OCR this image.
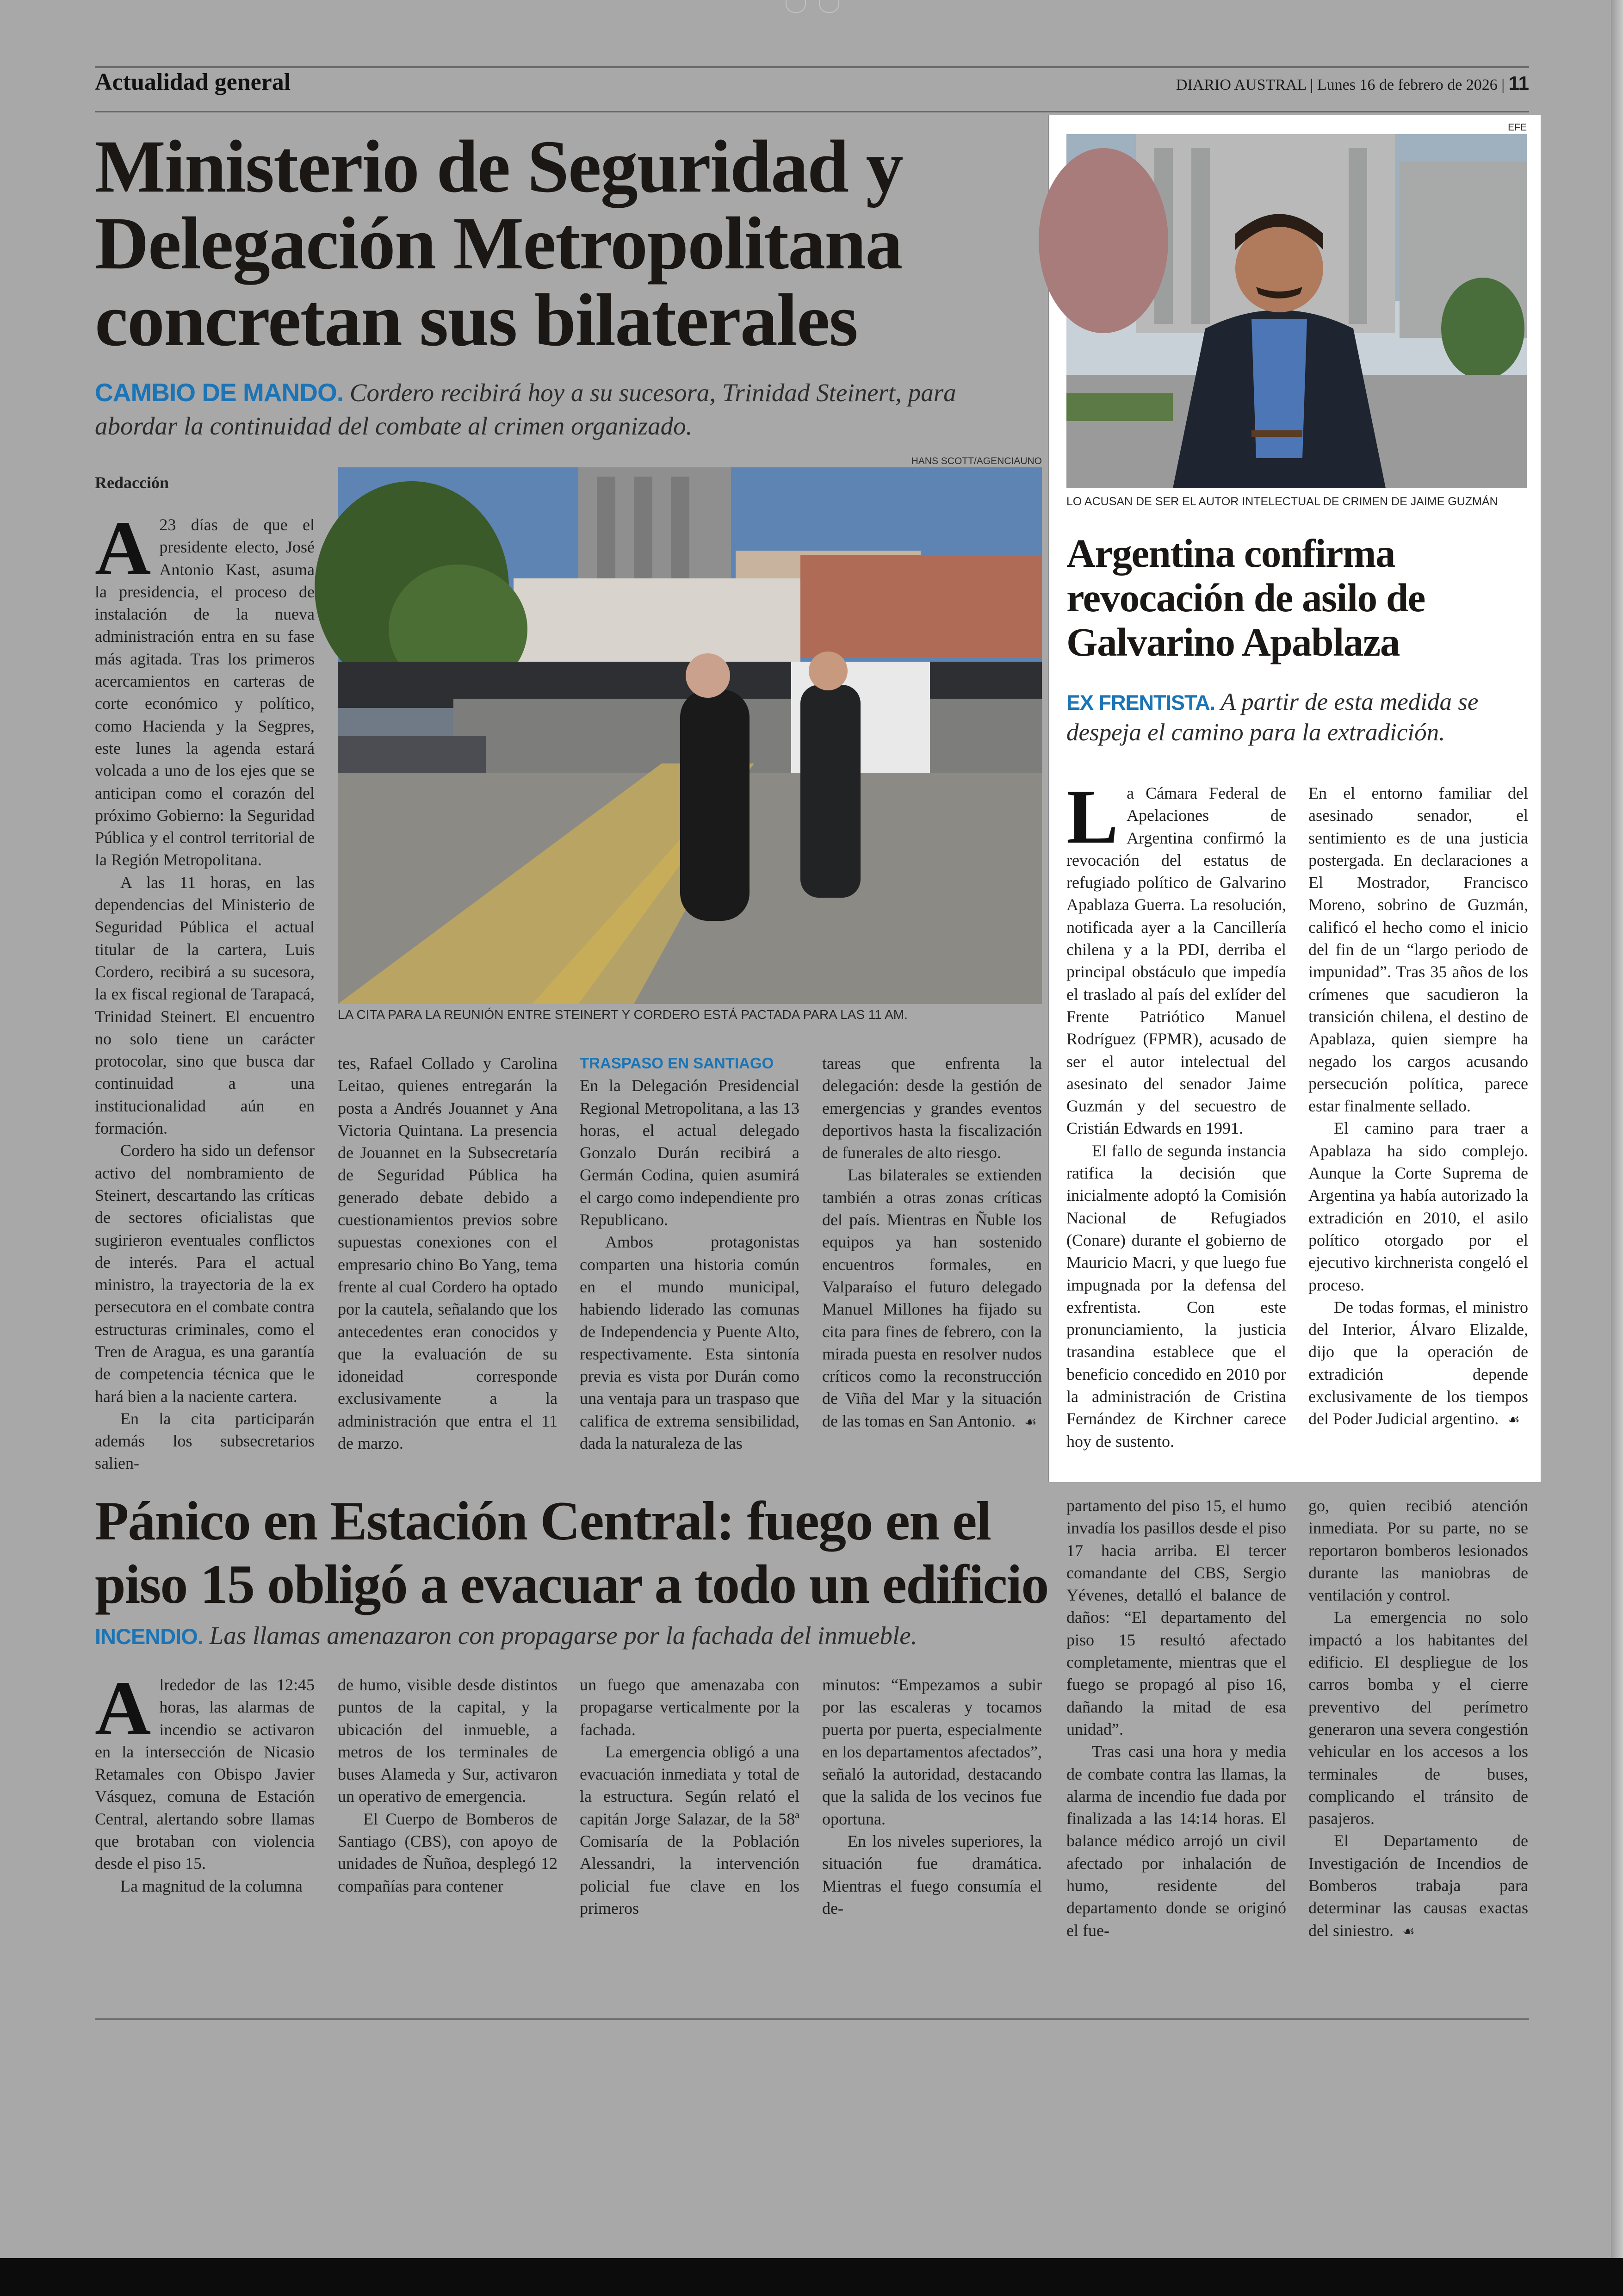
Actualidad general	DIARIO AUSTRAL | Lunes 16 de febrero de 2026 | 11
Ministerio de Seguridad y
Delegación Metropolitana
concretan sus bilaterales
CAMBIO DE MANDO. Cordero recibirá hoy a su sucesora, Trinidad Steinert, para abordar la continuidad del combate al crimen organizado.
Redacción
A 23 días de que el presidente electo, José Antonio Kast, asuma la presidencia, el proceso de instalación de la nueva administración entra en su fase más agitada. Tras los primeros acercamientos en carteras de corte económico y político, como Hacienda y la Segpres, este lunes la agenda estará volcada a uno de los ejes que se anticipan como el corazón del próximo Gobierno: la Seguridad Pública y el control territorial de la Región Metropolitana.

A las 11 horas, en las dependencias del Ministerio de Seguridad Pública el actual titular de la cartera, Luis Cordero, recibirá a su sucesora, la ex fiscal regional de Tarapacá, Trinidad Steinert. El encuentro no solo tiene un carácter protocolar, sino que busca dar continuidad a una institucionalidad aún en formación.

Cordero ha sido un defensor activo del nombramiento de Steinert, descartando las críticas de sectores oficialistas que sugirieron eventuales conflictos de interés. Para el actual ministro, la trayectoria de la ex persecutora en el combate contra estructuras criminales, como el Tren de Aragua, es una garantía de competencia técnica que le hará bien a la naciente cartera.

En la cita participarán además los subsecretarios salien-

HANS SCOTT/AGENCIAUNO
LA CITA PARA LA REUNIÓN ENTRE STEINERT Y CORDERO ESTÁ PACTADA PARA LAS 11 AM.

tes, Rafael Collado y Carolina Leitao, quienes entregarán la posta a Andrés Jouannet y Ana Victoria Quintana. La presencia de Jouannet en la Subsecretaría de Seguridad Pública ha generado debate debido a cuestionamientos previos sobre supuestas conexiones con el empresario chino Bo Yang, tema frente al cual Cordero ha optado por la cautela, señalando que los antecedentes eran conocidos y que la evaluación de su idoneidad corresponde exclusivamente a la administración que entra el 11 de marzo.

TRASPASO EN SANTIAGO

En la Delegación Presidencial Regional Metropolitana, a las 13 horas, el actual delegado Gonzalo Durán recibirá a Germán Codina, quien asumirá el cargo como independiente pro Republicano.

Ambos protagonistas comparten una historia común en el mundo municipal, habiendo liderado las comunas de Independencia y Puente Alto, respectivamente. Esta sintonía previa es vista por Durán como una ventaja para un traspaso que califica de extrema sensibilidad, dada la naturaleza de las

tareas que enfrenta la delegación: desde la gestión de emergencias y grandes eventos deportivos hasta la fiscalización de funerales de alto riesgo.

Las bilaterales se extienden también a otras zonas críticas del país. Mientras en Ñuble los equipos ya han sostenido encuentros formales, en Valparaíso el futuro delegado Manuel Millones ha fijado su cita para fines de febrero, con la mirada puesta en resolver nudos críticos como la reconstrucción de Viña del Mar y la situación de las tomas en San Antonio. ☙

EFE
LO ACUSAN DE SER EL AUTOR INTELECTUAL DE CRIMEN DE JAIME GUZMÁN
Argentina confirma
revocación de asilo de
Galvarino Apablaza
EX FRENTISTA. A partir de esta medida se despeja el camino para la extradición.
L a Cámara Federal de Apelaciones de Argentina confirmó la revocación del estatus de refugiado político de Galvarino Apablaza Guerra. La resolución, notificada ayer a la Cancillería chilena y a la PDI, derriba el principal obstáculo que impedía el traslado al país del exlíder del Frente Patriótico Manuel Rodríguez (FPMR), acusado de ser el autor intelectual del asesinato del senador Jaime Guzmán y del secuestro de Cristián Edwards en 1991.

El fallo de segunda instancia ratifica la decisión que inicialmente adoptó la Comisión Nacional de Refugiados (Conare) durante el gobierno de Mauricio Macri, y que luego fue impugnada por la defensa del exfrentista. Con este pronunciamiento, la justicia trasandina establece que el beneficio concedido en 2010 por la administración de Cristina Fernández de Kirchner carece hoy de sustento.

En el entorno familiar del asesinado senador, el sentimiento es de una justicia postergada. En declaraciones a El Mostrador, Francisco Moreno, sobrino de Guzmán, calificó el hecho como el inicio del fin de un “largo periodo de impunidad”. Tras 35 años de los crímenes que sacudieron la transición chilena, el destino de Apablaza, quien siempre ha negado los cargos acusando persecución política, parece estar finalmente sellado.

El camino para traer a Apablaza ha sido complejo. Aunque la Corte Suprema de Argentina ya había autorizado la extradición en 2010, el asilo político otorgado por el ejecutivo kirchnerista congeló el proceso.

De todas formas, el ministro del Interior, Álvaro Elizalde, dijo que la operación de extradición depende exclusivamente de los tiempos del Poder Judicial argentino. ☙

Pánico en Estación Central: fuego en el
piso 15 obligó a evacuar a todo un edificio
INCENDIO. Las llamas amenazaron con propagarse por la fachada del inmueble.
A lrededor de las 12:45 horas, las alarmas de incendio se activaron en la intersección de Nicasio Retamales con Obispo Javier Vásquez, comuna de Estación Central, alertando sobre llamas que brotaban con violencia desde el piso 15.

La magnitud de la columna

de humo, visible desde distintos puntos de la capital, y la ubicación del inmueble, a metros de los terminales de buses Alameda y Sur, activaron un operativo de emergencia.

El Cuerpo de Bomberos de Santiago (CBS), con apoyo de unidades de Ñuñoa, desplegó 12 compañías para contener

un fuego que amenazaba con propagarse verticalmente por la fachada.

La emergencia obligó a una evacuación inmediata y total de la estructura. Según relató el capitán Jorge Salazar, de la 58ª Comisaría de la Población Alessandri, la intervención policial fue clave en los primeros

minutos: “Empezamos a subir por las escaleras y tocamos puerta por puerta, especialmente en los departamentos afectados”, señaló la autoridad, destacando que la salida de los vecinos fue oportuna.

En los niveles superiores, la situación fue dramática. Mientras el fuego consumía el de-

partamento del piso 15, el humo invadía los pasillos desde el piso 17 hacia arriba. El tercer comandante del CBS, Sergio Yévenes, detalló el balance de daños: “El departamento del piso 15 resultó afectado completamente, mientras que el fuego se propagó al piso 16, dañando la mitad de esa unidad”.

Tras casi una hora y media de combate contra las llamas, la alarma de incendio fue dada por finalizada a las 14:14 horas. El balance médico arrojó un civil afectado por inhalación de humo, residente del departamento donde se originó el fue-

go, quien recibió atención inmediata. Por su parte, no se reportaron bomberos lesionados durante las maniobras de ventilación y control.

La emergencia no solo impactó a los habitantes del edificio. El despliegue de los carros bomba y el cierre preventivo del perímetro generaron una severa congestión vehicular en los accesos a los terminales de buses, complicando el tránsito de pasajeros.

El Departamento de Investigación de Incendios de Bomberos trabaja para determinar las causas exactas del siniestro. ☙
